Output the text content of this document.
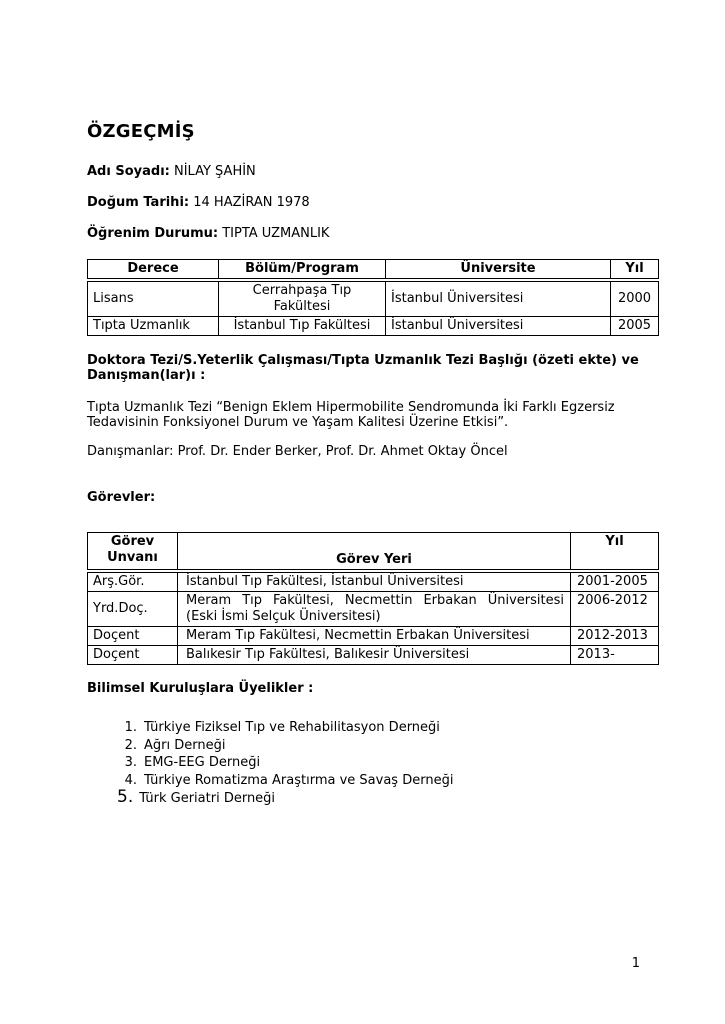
ÖZGEÇMİŞ

Adı Soyadı: NİLAY ŞAHİN

Doğum Tarihi: 14 HAZİRAN 1978

Öğrenim Durumu: TIPTA UZMANLIK

Derece	Bölüm/Program	Üniversite	Yıl
Lisans	Cerrahpaşa Tıp Fakültesi	İstanbul Üniversitesi	2000
Tıpta Uzmanlık	İstanbul Tıp Fakültesi	İstanbul Üniversitesi	2005

Doktora Tezi/S.Yeterlik Çalışması/Tıpta Uzmanlık Tezi Başlığı (özeti ekte) ve Danışman(lar)ı :

Tıpta Uzmanlık Tezi “Benign Eklem Hipermobilite Sendromunda İki Farklı Egzersiz Tedavisinin Fonksiyonel Durum ve Yaşam Kalitesi Üzerine Etkisi”.

Danışmanlar: Prof. Dr. Ender Berker, Prof. Dr. Ahmet Oktay Öncel

Görevler:

Görev Unvanı	Görev Yeri	Yıl
Arş.Gör.	İstanbul Tıp Fakültesi, İstanbul Üniversitesi	2001-2005
Yrd.Doç.	Meram Tıp Fakültesi, Necmettin Erbakan Üniversitesi (Eski İsmi Selçuk Üniversitesi)	2006-2012
Doçent	Meram Tıp Fakültesi, Necmettin Erbakan Üniversitesi	2012-2013
Doçent	Balıkesir Tıp Fakültesi, Balıkesir Üniversitesi	2013-

Bilimsel Kuruluşlara Üyelikler :

1. Türkiye Fiziksel Tıp ve Rehabilitasyon Derneği
2. Ağrı Derneği
3. EMG-EEG Derneği
4. Türkiye Romatizma Araştırma ve Savaş Derneği
5. Türk Geriatri Derneği
1
